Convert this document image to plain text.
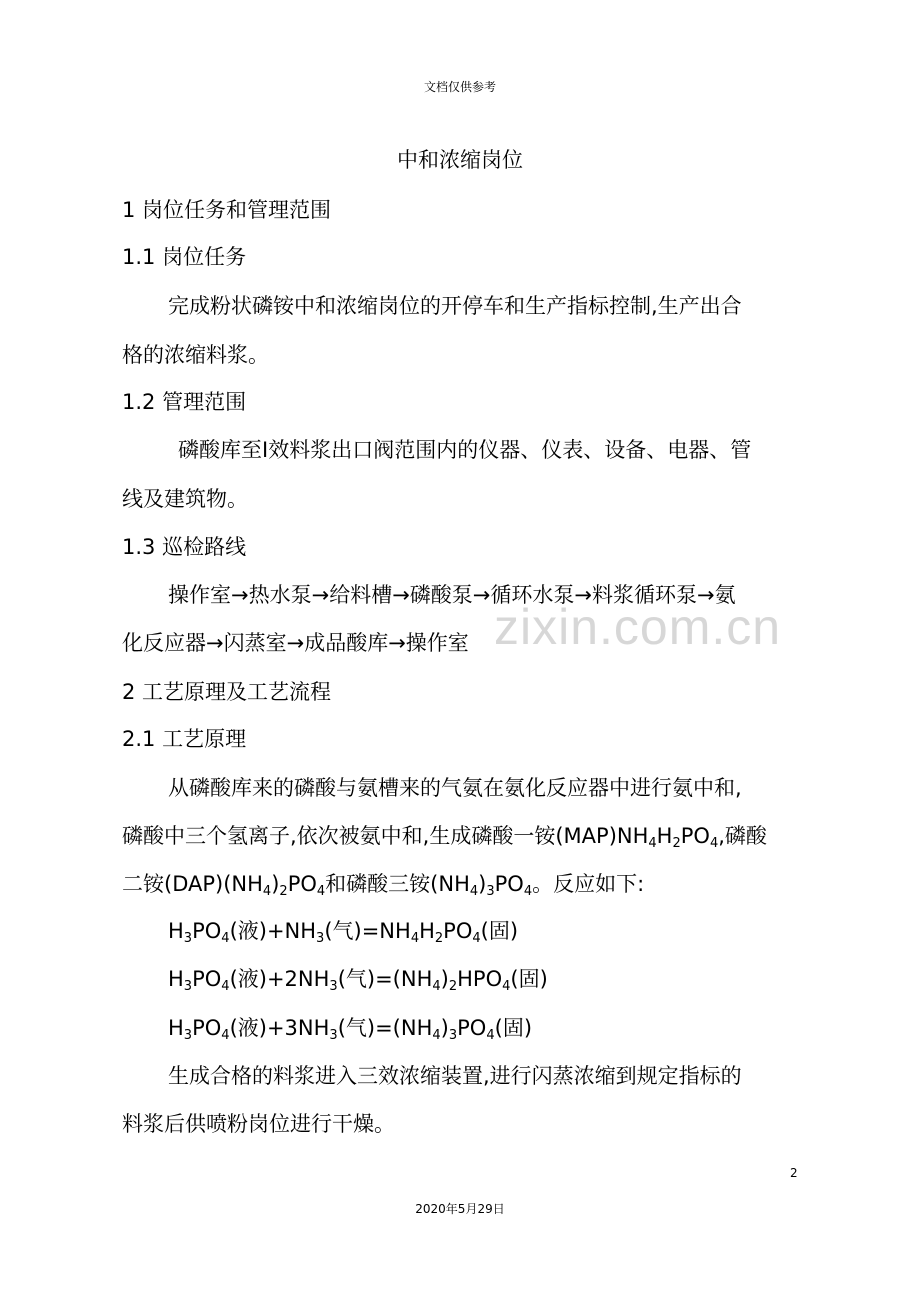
文档仅供参考
中和浓缩岗位
1 岗位任务和管理范围
1.1 岗位任务
完成粉状磷铵中和浓缩岗位的开停车和生产指标控制,生产出合
格的浓缩料浆。
1.2 管理范围
磷酸库至I效料浆出口阀范围内的仪器、仪表、设备、电器、管
线及建筑物。
1.3 巡检路线
操作室→热水泵→给料槽→磷酸泵→循环水泵→料浆循环泵→氨
化反应器→闪蒸室→成品酸库→操作室 zixin.com.cn
2 工艺原理及工艺流程
2.1 工艺原理
从磷酸库来的磷酸与氨槽来的气氨在氨化反应器中进行氨中和,
磷酸中三个氢离子,依次被氨中和,生成磷酸一铵$(MAP)NH_4H_2PO_4$,磷酸
二铵$(DAP)(NH_4)_2PO_4$和磷酸三铵$(NH_4)_3PO_4$。反应如下:
$H_3PO_4$(液)$+NH_3$(气)$=NH_4H_2PO_4$(固)
$H_3PO_4$(液)$+2NH_3$(气)$=(NH_4)_2HPO_4$(固)
$H_3PO_4$(液)$+3NH_3$(气)$=(NH_4)_3PO_4$(固)
生成合格的料浆进入三效浓缩装置,进行闪蒸浓缩到规定指标的
料浆后供喷粉岗位进行干燥。
2
2020年5月29日
